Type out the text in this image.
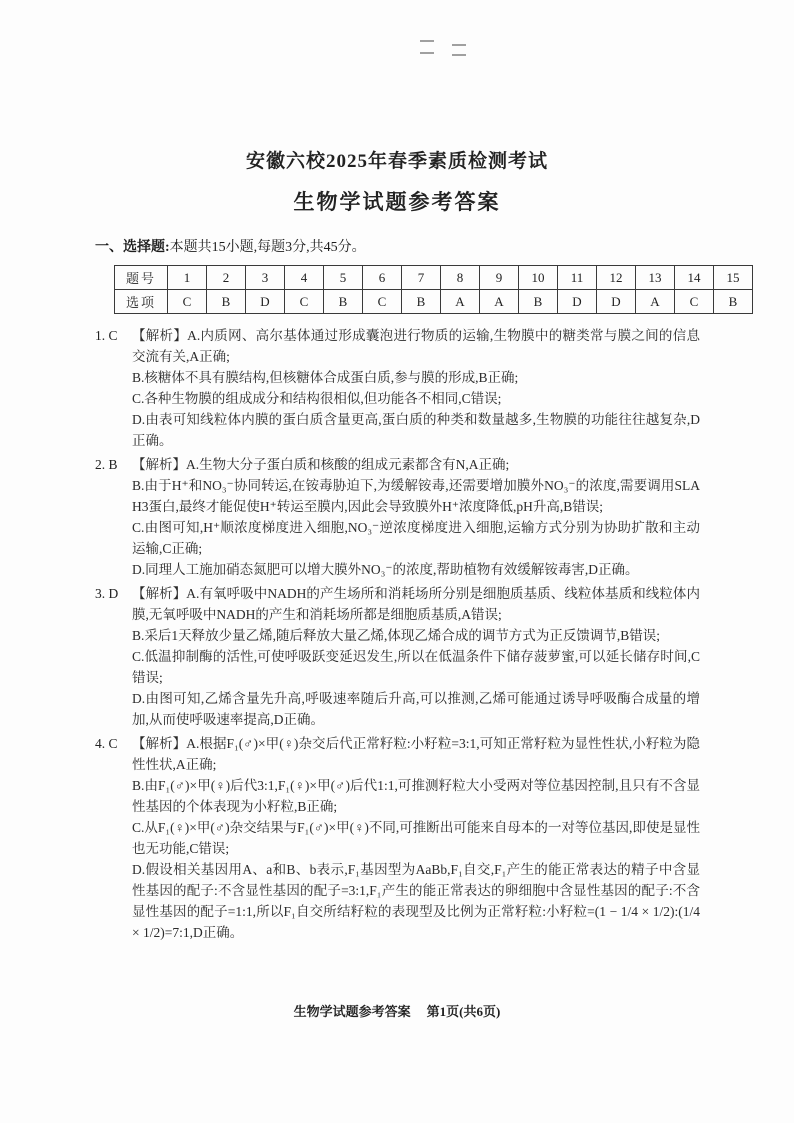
安徽六校2025年春季素质检测考试
生物学试题参考答案
一、选择题:本题共15小题,每题3分,共45分。
题号	1	2	3	4	5	6	7	8	9	10	11	12	13	14	15
选项	C	B	D	C	B	C	B	A	A	B	D	D	A	C	B
1. C	【解析】A.内质网、高尔基体通过形成囊泡进行物质的运输,生物膜中的糖类常与膜之间的信息交流有关,A正确;

B.核糖体不具有膜结构,但核糖体合成蛋白质,参与膜的形成,B正确;

C.各种生物膜的组成成分和结构很相似,但功能各不相同,C错误;

D.由表可知线粒体内膜的蛋白质含量更高,蛋白质的种类和数量越多,生物膜的功能往往越复杂,D正确。

2. B	【解析】A.生物大分子蛋白质和核酸的组成元素都含有N,A正确;

B.由于H⁺和NO₃⁻协同转运,在铵毒胁迫下,为缓解铵毒,还需要增加膜外NO₃⁻的浓度,需要调用SLAH3蛋白,最终才能促使H⁺转运至膜内,因此会导致膜外H⁺浓度降低,pH升高,B错误;

C.由图可知,H⁺顺浓度梯度进入细胞,NO₃⁻逆浓度梯度进入细胞,运输方式分别为协助扩散和主动运输,C正确;

D.同理人工施加硝态氮肥可以增大膜外NO₃⁻的浓度,帮助植物有效缓解铵毒害,D正确。

3. D	【解析】A.有氧呼吸中NADH的产生场所和消耗场所分别是细胞质基质、线粒体基质和线粒体内膜,无氧呼吸中NADH的产生和消耗场所都是细胞质基质,A错误;

B.采后1天释放少量乙烯,随后释放大量乙烯,体现乙烯合成的调节方式为正反馈调节,B错误;

C.低温抑制酶的活性,可使呼吸跃变延迟发生,所以在低温条件下储存菠萝蜜,可以延长储存时间,C错误;

D.由图可知,乙烯含量先升高,呼吸速率随后升高,可以推测,乙烯可能通过诱导呼吸酶合成量的增加,从而使呼吸速率提高,D正确。

4. C	【解析】A.根据F₁(♂)×甲(♀)杂交后代正常籽粒:小籽粒=3:1,可知正常籽粒为显性性状,小籽粒为隐性性状,A正确;

B.由F₁(♂)×甲(♀)后代3:1,F₁(♀)×甲(♂)后代1:1,可推测籽粒大小受两对等位基因控制,且只有不含显性基因的个体表现为小籽粒,B正确;

C.从F₁(♀)×甲(♂)杂交结果与F₁(♂)×甲(♀)不同,可推断出可能来自母本的一对等位基因,即使是显性也无功能,C错误;

D.假设相关基因用A、a和B、b表示,F₁基因型为AaBb,F₁自交,F₁产生的能正常表达的精子中含显性基因的配子:不含显性基因的配子=3:1,F₁产生的能正常表达的卵细胞中含显性基因的配子:不含显性基因的配子=1:1,所以F₁自交所结籽粒的表现型及比例为正常籽粒:小籽粒=(1 − 1/4 × 1/2):(1/4 × 1/2)=7:1,D正确。

生物学试题参考答案 第1页(共6页)
